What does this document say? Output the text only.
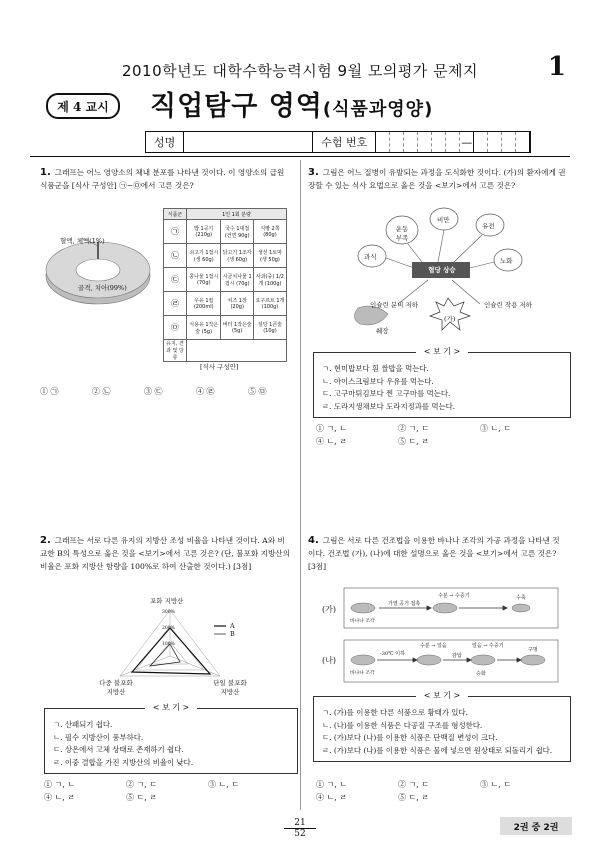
2010학년도 대학수학능력시험 9월 모의평가 문제지	1
제 4 교시	직업탐구 영역(식품과영양)
성명	수험 번호	—
1. 그래프는 어느 영양소의 체내 분포를 나타낸 것이다. 이 영양소의 급원 식품군을 [식사 구성안] ㉠~㉤에서 고른 것은?
혈액, 체액(1%)
골격, 치아(99%)
식품군	1인 1회 분량		
㉠	밥 1공기 (210g)	국수 1대접 (건면 90g)	식빵 2쪽 (80g)
㉡	쇠고기 1접시 (생 60g)	닭고기 1조각 (생 60g)	생선 1토막 (생 50g)
㉢	콩나물 1접시 (70g)	시금치나물 1접시 (70g)	사과(중) 1/2개 (100g)
㉣	우유 1컵 (200ml)	치즈 1장 (20g)	요구르트 1개 (100g)
㉤	식용유 1작은술 (5g)	버터 1작은술 (5g)	설탕 1큰술 (10g)
유지, 견과 및 당류			
[식사 구성안]
① ㉠	② ㉡	③ ㉢	④ ㉣	⑤ ㉤
3. 그림은 어느 질병이 유발되는 과정을 도식화한 것이다. (가)의 환자에게 권장할 수 있는 식사 요법으로 옳은 것을 <보기>에서 고른 것은?
운동 부족
비만
유전
과식	노화
혈당 상승
(가)
인슐린 분비 저하	인슐린 작용 저하
췌장
< 보 기 >
ㄱ. 현미밥보다 흰 쌀밥을 먹는다.
ㄴ. 아이스크림보다 우유를 먹는다.
ㄷ. 고구마튀김보다 찐 고구마를 먹는다.
ㄹ. 도라지생채보다 도라지정과를 먹는다.
① ㄱ, ㄴ	② ㄱ, ㄷ	③ ㄴ, ㄷ
④ ㄴ, ㄹ	⑤ ㄷ, ㄹ
2. 그래프는 서로 다른 유지의 지방산 조성 비율을 나타낸 것이다. A와 비교한 B의 특성으로 옳은 것을 <보기>에서 고른 것은? (단, 불포화 지방산의 비율은 포화 지방산 함량을 100%로 하여 산출한 것이다.) [3점]
포화 지방산
300%
200%
100%
A
B
다중 불포화 지방산
단일 불포화 지방산
< 보 기 >
ㄱ. 산패되기 쉽다.
ㄴ. 필수 지방산이 풍부하다.
ㄷ. 상온에서 고체 상태로 존재하기 쉽다.
ㄹ. 이중 결합을 가진 지방산의 비율이 낮다.
① ㄱ, ㄴ	② ㄱ, ㄷ	③ ㄴ, ㄷ
④ ㄴ, ㄹ	⑤ ㄷ, ㄹ
4. 그림은 서로 다른 건조법을 이용한 바나나 조각의 가공 과정을 나타낸 것이다. 건조법 (가), (나)에 대한 설명으로 옳은 것을 <보기>에서 고른 것은? [3점]
(가)
(나)
바나나 조각
가열 공기 접촉
수분 → 수증기	수축
바나나 조각
-30℃ 이하
수분 → 얼음
감압
얼음 → 수증기
구멍
승화
< 보 기 >
ㄱ. (가)를 이용한 다른 식품으로 황태가 있다.
ㄴ. (나)를 이용한 식품은 다공질 구조를 형성한다.
ㄷ. (가)보다 (나)를 이용한 식품은 단백질 변성이 크다.
ㄹ. (가)보다 (나)를 이용한 식품은 물에 넣으면 원상태로 되돌리기 쉽다.
① ㄱ, ㄴ	② ㄱ, ㄷ	③ ㄴ, ㄷ
④ ㄴ, ㄹ	⑤ ㄷ, ㄹ
21
52
2권 중 2권
